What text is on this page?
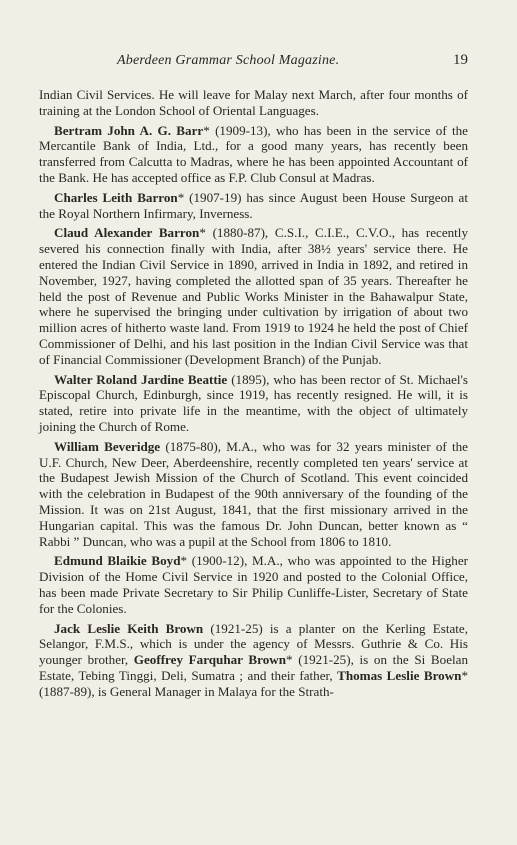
Aberdeen Grammar School Magazine.	19

Indian Civil Services. He will leave for Malay next March, after four months of training at the London School of Oriental Languages.

Bertram John A. G. Barr* (1909-13), who has been in the service of the Mercantile Bank of India, Ltd., for a good many years, has recently been transferred from Calcutta to Madras, where he has been appointed Accountant of the Bank. He has accepted office as F.P. Club Consul at Madras.

Charles Leith Barron* (1907-19) has since August been House Surgeon at the Royal Northern Infirmary, Inverness.

Claud Alexander Barron* (1880-87), C.S.I., C.I.E., C.V.O., has recently severed his connection finally with India, after 38½ years' service there. He entered the Indian Civil Service in 1890, arrived in India in 1892, and retired in November, 1927, having completed the allotted span of 35 years. Thereafter he held the post of Revenue and Public Works Minister in the Bahawalpur State, where he supervised the bringing under cultivation by irrigation of about two million acres of hitherto waste land. From 1919 to 1924 he held the post of Chief Commissioner of Delhi, and his last position in the Indian Civil Service was that of Financial Commissioner (Development Branch) of the Punjab.

Walter Roland Jardine Beattie (1895), who has been rector of St. Michael's Episcopal Church, Edinburgh, since 1919, has recently resigned. He will, it is stated, retire into private life in the meantime, with the object of ultimately joining the Church of Rome.

William Beveridge (1875-80), M.A., who was for 32 years minister of the U.F. Church, New Deer, Aberdeenshire, recently completed ten years' service at the Budapest Jewish Mission of the Church of Scotland. This event coincided with the celebration in Budapest of the 90th anniversary of the founding of the Mission. It was on 21st August, 1841, that the first missionary arrived in the Hungarian capital. This was the famous Dr. John Duncan, better known as “ Rabbi ” Duncan, who was a pupil at the School from 1806 to 1810.

Edmund Blaikie Boyd* (1900-12), M.A., who was appointed to the Higher Division of the Home Civil Service in 1920 and posted to the Colonial Office, has been made Private Secretary to Sir Philip Cunliffe-Lister, Secretary of State for the Colonies.

Jack Leslie Keith Brown (1921-25) is a planter on the Kerling Estate, Selangor, F.M.S., which is under the agency of Messrs. Guthrie & Co. His younger brother, Geoffrey Farquhar Brown* (1921-25), is on the Si Boelan Estate, Tebing Tinggi, Deli, Sumatra ; and their father, Thomas Leslie Brown* (1887-89), is General Manager in Malaya for the Strath-
